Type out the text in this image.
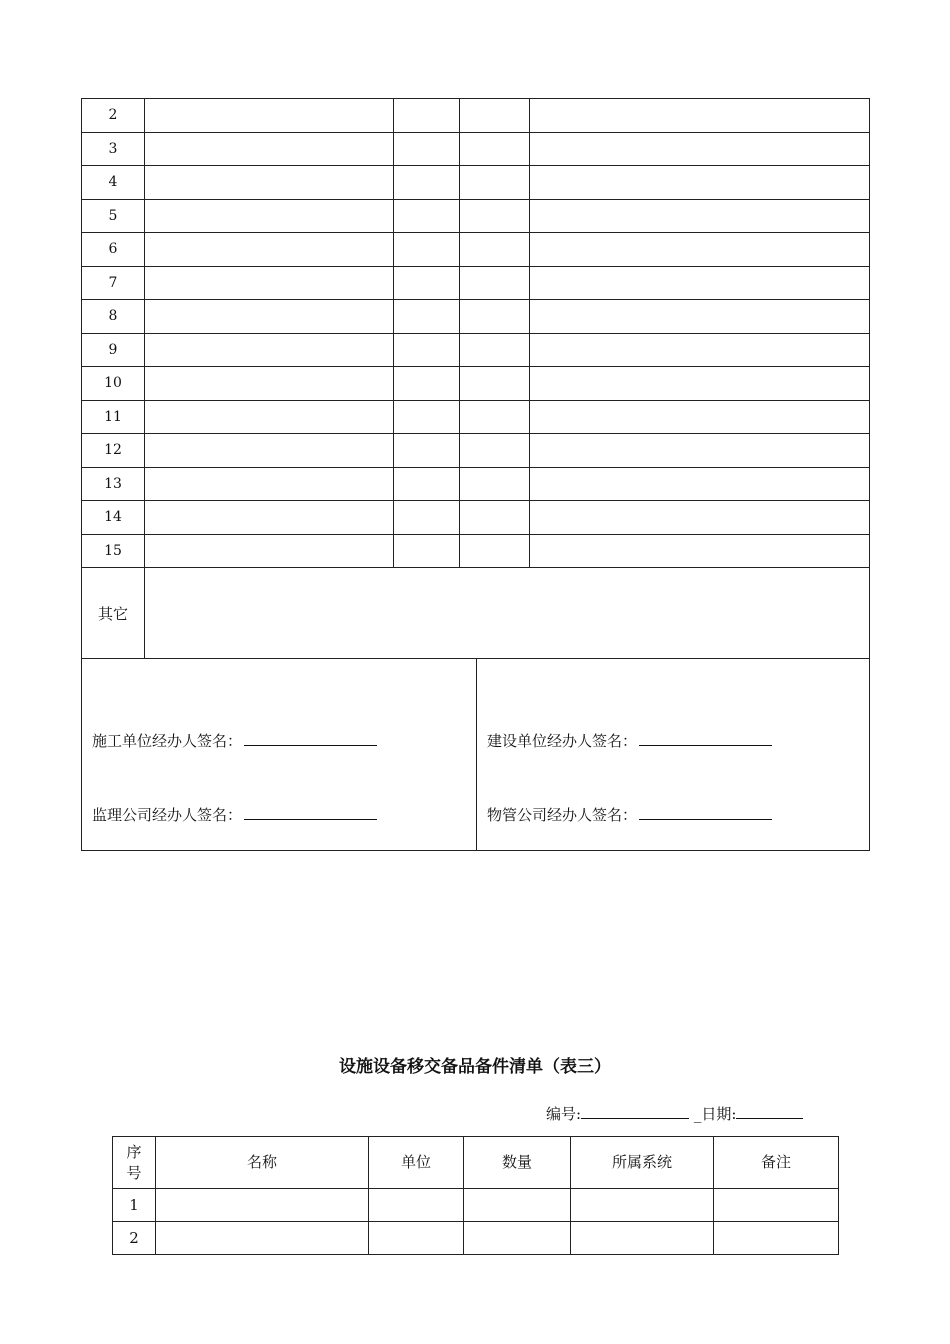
2				
3				
4				
5				
6				
7				
8				
9				
10				
11				
12				
13				
14				
15				
其它				
施工单位经办人签名：
监理公司经办人签名：

建设单位经办人签名：
物管公司经办人签名：
设施设备移交备品备件清单（表三）
编号:	_日期:
序号	名称	单位	数量	所属系统	备注
1					
2					
